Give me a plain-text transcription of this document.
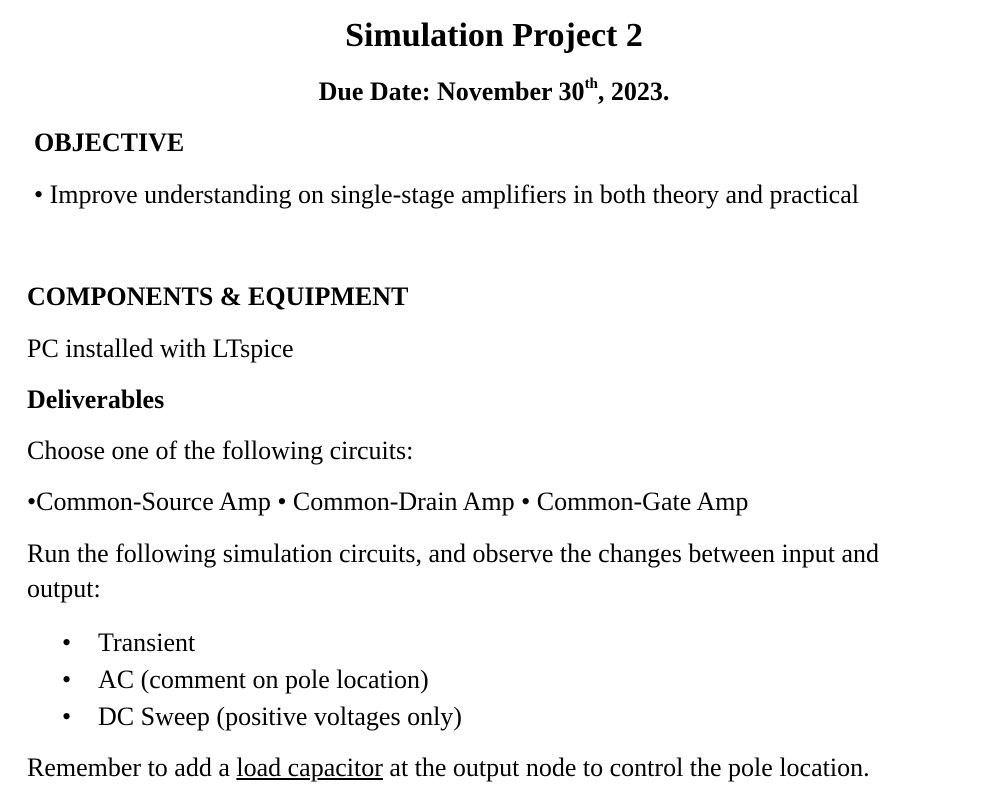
Simulation Project 2
Due Date: November 30th, 2023.
OBJECTIVE
• Improve understanding on single-stage amplifiers in both theory and practical
COMPONENTS & EQUIPMENT
PC installed with LTspice
Deliverables
Choose one of the following circuits:
•Common-Source Amp • Common-Drain Amp • Common-Gate Amp
Run the following simulation circuits, and observe the changes between input and
output:
• Transient
• AC (comment on pole location)
• DC Sweep (positive voltages only)
Remember to add a load capacitor at the output node to control the pole location.
